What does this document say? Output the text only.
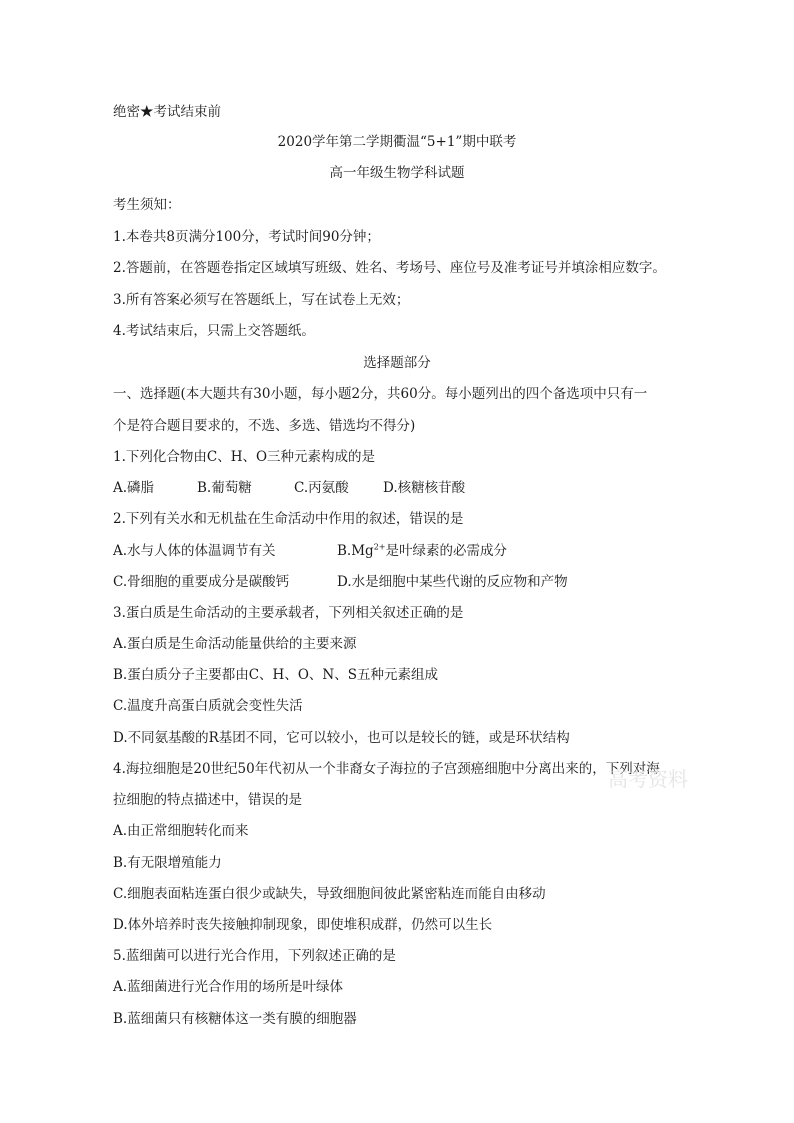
绝密★考试结束前
2020学年第二学期衢温“5+1”期中联考
高一年级生物学科试题
考生须知：
1.本卷共8页满分100分，考试时间90分钟；
2.答题前，在答题卷指定区域填写班级、姓名、考场号、座位号及准考证号并填涂相应数字。
3.所有答案必须写在答题纸上，写在试卷上无效；
4.考试结束后，只需上交答题纸。
选择题部分
一、选择题(本大题共有30小题，每小题2分，共60分。每小题列出的四个备选项中只有一
个是符合题目要求的，不选、多选、错选均不得分)
1.下列化合物由C、H、O三种元素构成的是
A.磷脂	B.葡萄糖	C.丙氨酸	D.核糖核苷酸
2.下列有关水和无机盐在生命活动中作用的叙述，错误的是
A.水与人体的体温调节有关	$B.Mg^{2+}$是叶绿素的必需成分
C.骨细胞的重要成分是碳酸钙	D.水是细胞中某些代谢的反应物和产物
3.蛋白质是生命活动的主要承载者，下列相关叙述正确的是
A.蛋白质是生命活动能量供给的主要来源
B.蛋白质分子主要都由C、H、O、N、S五种元素组成
C.温度升高蛋白质就会变性失活
D.不同氨基酸的R基团不同，它可以较小，也可以是较长的链，或是环状结构
4.海拉细胞是20世纪50年代初从一个非裔女子海拉的子宫颈癌细胞中分离出来的，下列对海
拉细胞的特点描述中，错误的是
A.由正常细胞转化而来
B.有无限增殖能力
C.细胞表面粘连蛋白很少或缺失，导致细胞间彼此紧密粘连而能自由移动
D.体外培养时丧失接触抑制现象，即使堆积成群，仍然可以生长
5.蓝细菌可以进行光合作用，下列叙述正确的是
A.蓝细菌进行光合作用的场所是叶绿体
B.蓝细菌只有核糖体这一类有膜的细胞器
高考资料
